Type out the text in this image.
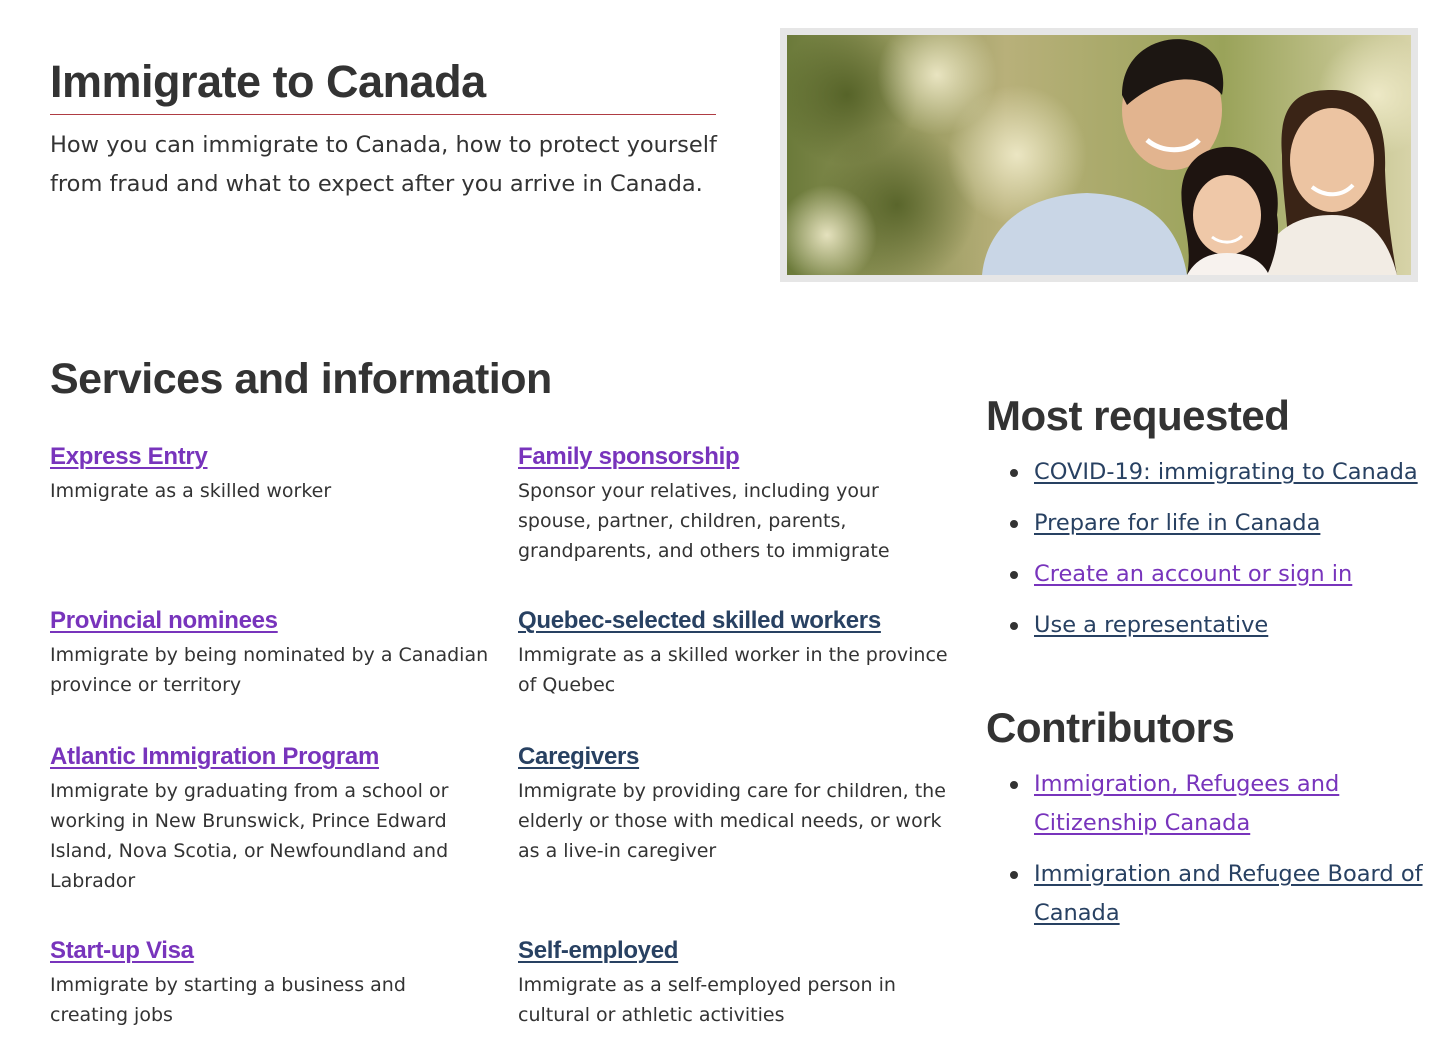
Immigrate to Canada

How you can immigrate to Canada, how to protect yourself from fraud and what to expect after you arrive in Canada.

Services and information
Express Entry

Immigrate as a skilled worker

Family sponsorship

Sponsor your relatives, including your spouse, partner, children, parents, grandparents, and others to immigrate

Provincial nominees

Immigrate by being nominated by a Canadian province or territory

Quebec-selected skilled workers

Immigrate as a skilled worker in the province of Quebec

Atlantic Immigration Program

Immigrate by graduating from a school or working in New Brunswick, Prince Edward Island, Nova Scotia, or Newfoundland and Labrador

Caregivers

Immigrate by providing care for children, the elderly or those with medical needs, or work as a live-in caregiver

Start-up Visa

Immigrate by starting a business and creating jobs

Self-employed

Immigrate as a self-employed person in cultural or athletic activities

Most requested
COVID-19: immigrating to Canada
Prepare for life in Canada
Create an account or sign in
Use a representative
Contributors
Immigration, Refugees and Citizenship Canada
Immigration and Refugee Board of Canada
